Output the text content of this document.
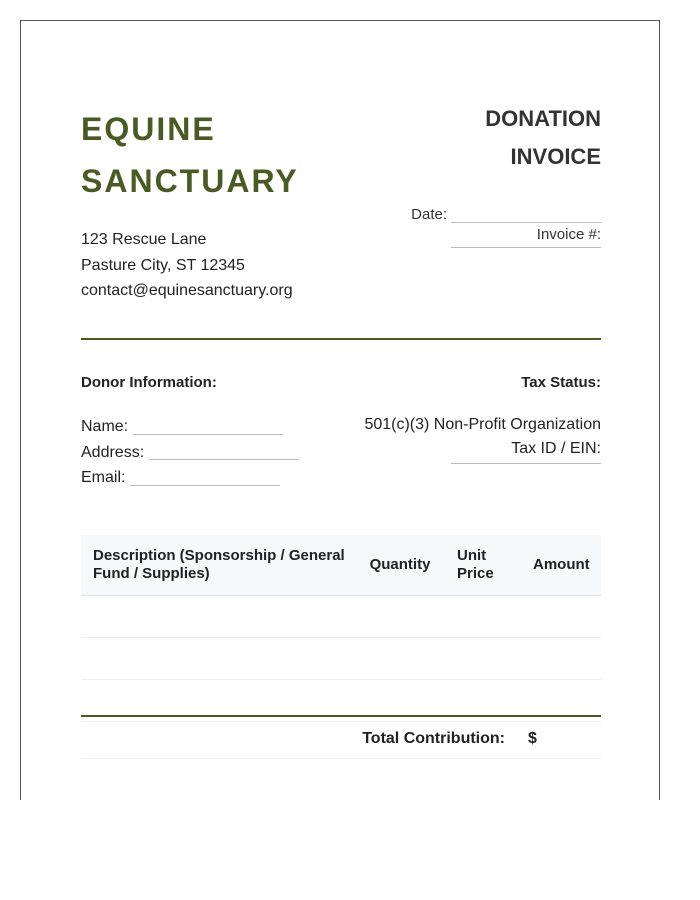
EQUINE SANCTUARY
DONATION INVOICE
123 Rescue Lane
Pasture City, ST 12345
contact@equinesanctuary.org
Date:
Invoice #:
Donor Information:	Tax Status:
Name:
Address:
Email:
501(c)(3) Non-Profit Organization
Tax ID / EIN:
Description (Sponsorship / General Fund / Supplies)	Quantity	Unit Price	Amount

Total Contribution: $
